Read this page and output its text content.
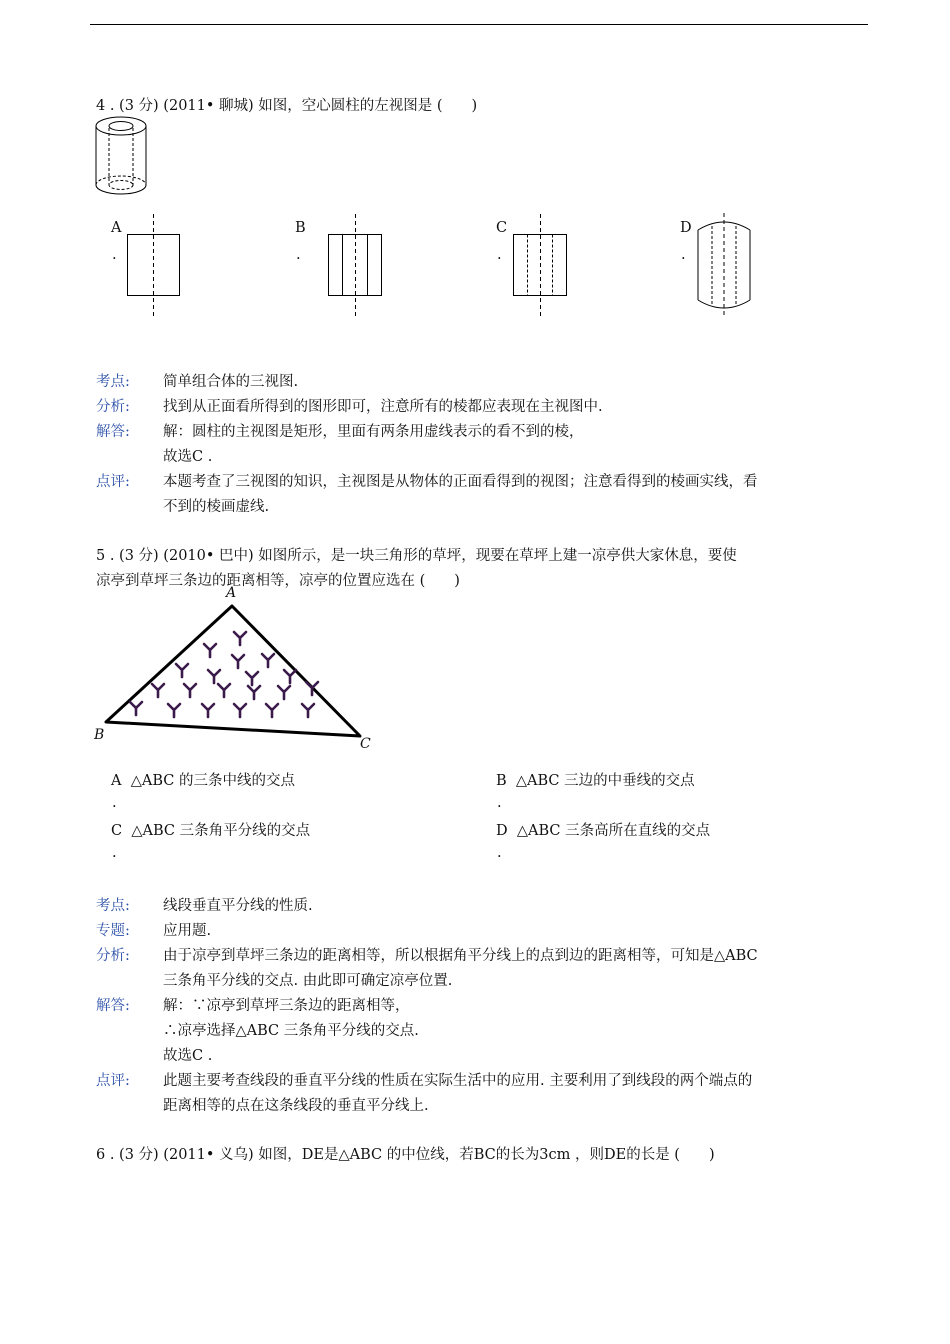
4 . (3 分) (2011• 聊城) 如图，空心圆柱的左视图是 (　　)
A
.
B
.
C
.
D
.
考点: 简单组合体的三视图.
分析: 找到从正面看所得到的图形即可，注意所有的棱都应表现在主视图中.
解答: 解：圆柱的主视图是矩形，里面有两条用虚线表示的看不到的棱，
故选C .
点评: 本题考查了三视图的知识，主视图是从物体的正面看得到的视图；注意看得到的棱画实线，看
不到的棱画虚线.
5 . (3 分) (2010• 巴中) 如图所示，是一块三角形的草坪，现要在草坪上建一凉亭供大家休息，要使
凉亭到草坪三条边的距离相等，凉亭的位置应选在 (　　)
A
B
C
A △ABC 的三条中线的交点
.
B △ABC 三边的中垂线的交点
.
C △ABC 三条角平分线的交点
.
D △ABC 三条高所在直线的交点
.
考点: 线段垂直平分线的性质.
专题: 应用题.
分析: 由于凉亭到草坪三条边的距离相等，所以根据角平分线上的点到边的距离相等，可知是△ABC
三条角平分线的交点. 由此即可确定凉亭位置.
解答: 解：∵凉亭到草坪三条边的距离相等，
∴凉亭选择△ABC 三条角平分线的交点.
故选C .
点评: 此题主要考查线段的垂直平分线的性质在实际生活中的应用. 主要利用了到线段的两个端点的
距离相等的点在这条线段的垂直平分线上.
6 . (3 分) (2011• 义乌) 如图，DE是△ABC 的中位线，若BC的长为3cm ，则DE的长是 (　　)
